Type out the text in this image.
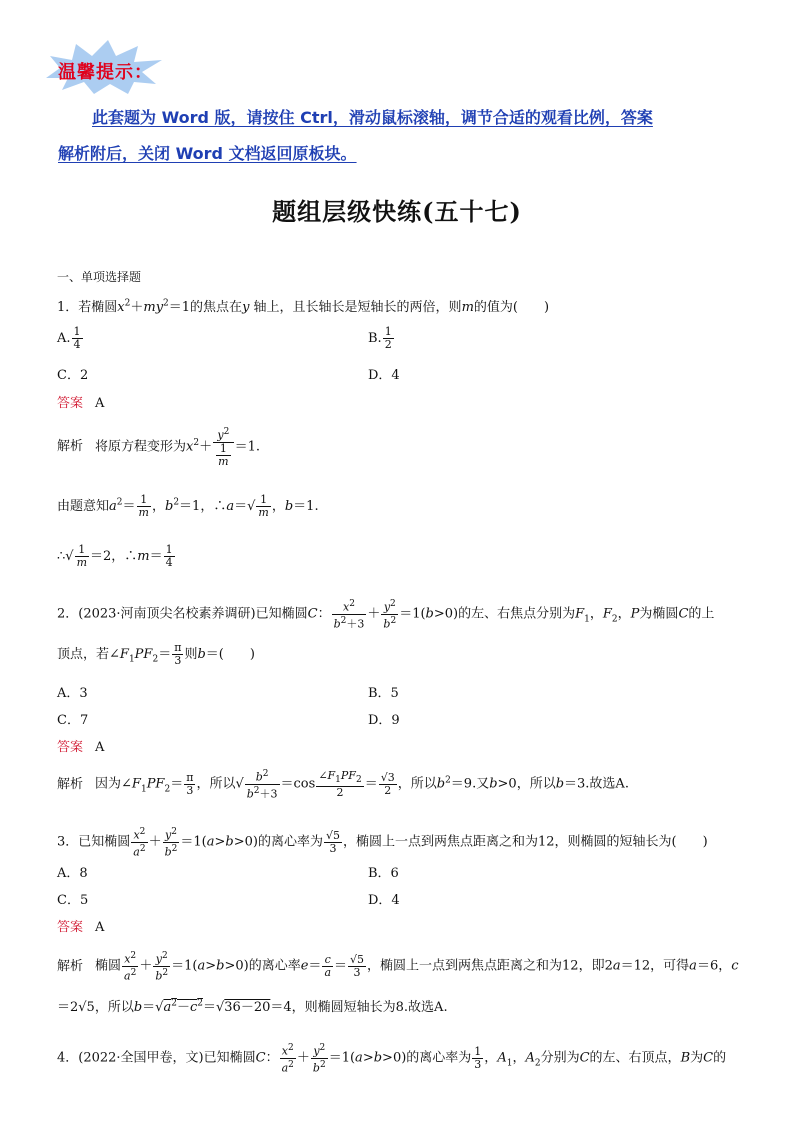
温馨提示：
此套题为 Word 版，请按住 Ctrl，滑动鼠标滚轴，调节合适的观看比例，答案
解析附后，关闭 Word 文档返回原板块。
题组层级快练(五十七)
一、单项选择题
1．若椭圆$x^2+my^2=1$的焦点在y 轴上，且长轴长是短轴长的两倍，则m的值为(　　)
A. $\frac{1}{4}$	B. $\frac{1}{2}$
C．2	D．4
答案 A
解析 将原方程变形为$x^2+ \frac{y^2}{\frac{1}{m}} =1$.
由题意知$a^2= \frac{1}{m}$ ，$b^2=1$，∴a＝√ $\frac{1}{m}$ ，b＝1.
∴√ $\frac{1}{m} =2$，∴m＝ $\frac{1}{4}$
2．(2023·河南顶尖名校素养调研)已知椭圆C： $\frac{x^2}{b^2+3} + \frac{y^2}{b^2} =1(b>0)$的左、右焦点分别为$F_1$，$F_2$，P为椭圆C的上
顶点，若$\angle F_1PF_2= \frac{\pi}{3}$ 则b＝(　　)
A．3	B．5
C．7	D．9
答案 A
解析 因为$\angle F_1PF_2= \frac{\pi}{3}$ ，所以√ $\frac{b^2}{b^2+3} =\cos \frac{\angle F_1PF_2}{2} = \frac{√3}{2}$ ，所以$b^2=9$.又b>0，所以b＝3.故选A.
3．已知椭圆 $\frac{x^2}{a^2} + \frac{y^2}{b^2} =1(a>b>0)$的离心率为 $\frac{√5}{3}$ ，椭圆上一点到两焦点距离之和为12，则椭圆的短轴长为(　　)
A．8	B．6
C．5	D．4
答案 A
解析 椭圆 $\frac{x^2}{a^2} + \frac{y^2}{b^2} =1(a>b>0)$的离心率$e= \frac{c}{a} = \frac{√5}{3}$ ，椭圆上一点到两焦点距离之和为12，即2a＝12，可得a＝6，c
＝2√5，所以$b=√a^2-c^2=√36-20=4$，则椭圆短轴长为8.故选A.
4．(2022·全国甲卷，文)已知椭圆C： $\frac{x^2}{a^2} + \frac{y^2}{b^2} =1(a>b>0)$的离心率为 $\frac{1}{3}$ ，$A_1$，$A_2$分别为C的左、右顶点，B为C的
